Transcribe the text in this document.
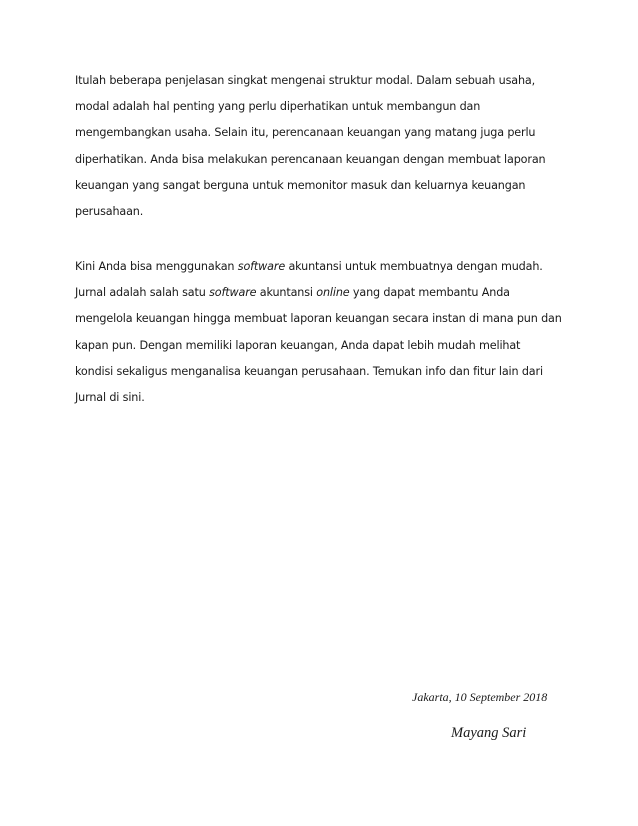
Itulah beberapa penjelasan singkat mengenai struktur modal. Dalam sebuah usaha,
modal adalah hal penting yang perlu diperhatikan untuk membangun dan
mengembangkan usaha. Selain itu, perencanaan keuangan yang matang juga perlu
diperhatikan. Anda bisa melakukan perencanaan keuangan dengan membuat laporan
keuangan yang sangat berguna untuk memonitor masuk dan keluarnya keuangan
perusahaan.

Kini Anda bisa menggunakan software akuntansi untuk membuatnya dengan mudah.
Jurnal adalah salah satu software akuntansi online yang dapat membantu Anda
mengelola keuangan hingga membuat laporan keuangan secara instan di mana pun dan
kapan pun. Dengan memiliki laporan keuangan, Anda dapat lebih mudah melihat
kondisi sekaligus menganalisa keuangan perusahaan. Temukan info dan fitur lain dari
Jurnal di sini.

Jakarta, 10 September 2018
Mayang Sari
